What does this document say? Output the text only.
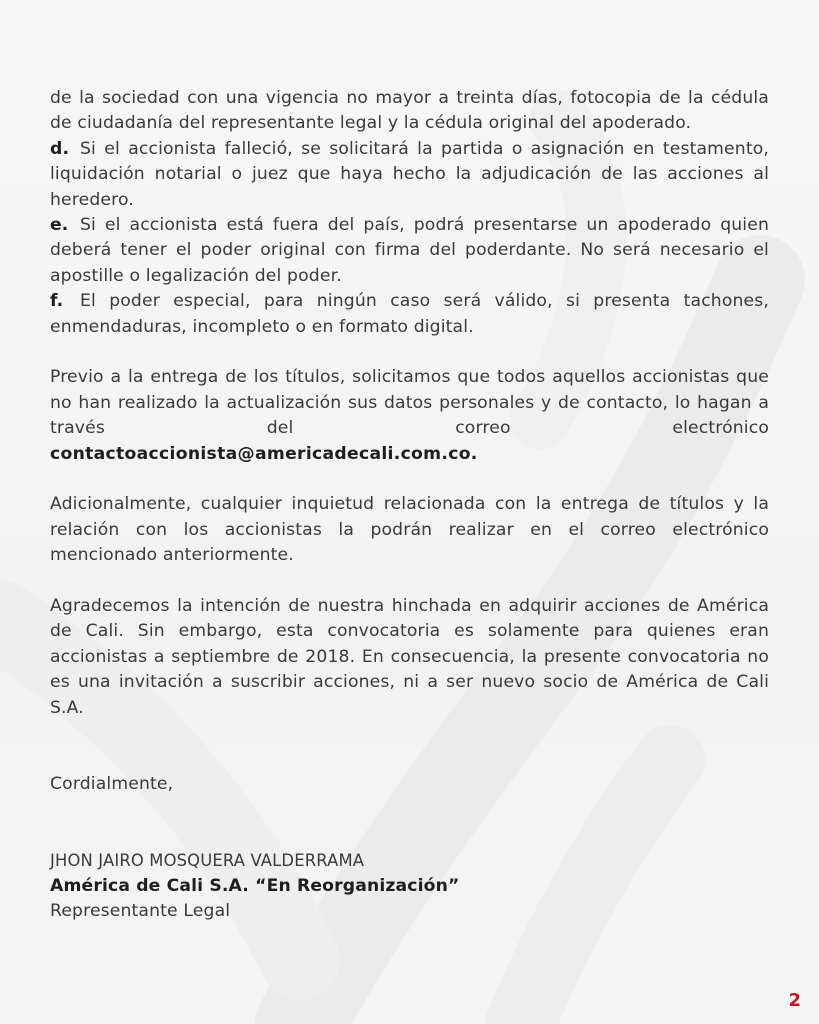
de la sociedad con una vigencia no mayor a treinta días, fotocopia de la cédula de ciudadanía del representante legal y la cédula original del apoderado.

d. Si el accionista falleció, se solicitará la partida o asignación en testamento, liquidación notarial o juez que haya hecho la adjudicación de las acciones al heredero.

e. Si el accionista está fuera del país, podrá presentarse un apoderado quien deberá tener el poder original con firma del poderdante. No será necesario el apostille o legalización del poder.

f. El poder especial, para ningún caso será válido, si presenta tachones, enmendaduras, incompleto o en formato digital.

Previo a la entrega de los títulos, solicitamos que todos aquellos accionistas que no han realizado la actualización sus datos personales y de contacto, lo hagan a través del correo electrónico

contactoaccionista@americadecali.com.co.

Adicionalmente, cualquier inquietud relacionada con la entrega de títulos y la relación con los accionistas la podrán realizar en el correo electrónico mencionado anteriormente.

Agradecemos la intención de nuestra hinchada en adquirir acciones de América de Cali. Sin embargo, esta convocatoria es solamente para quienes eran accionistas a septiembre de 2018. En consecuencia, la presente convocatoria no es una invitación a suscribir acciones, ni a ser nuevo socio de América de Cali S.A.

Cordialmente,

JHON JAIRO MOSQUERA VALDERRAMA

América de Cali S.A. “En Reorganización”

Representante Legal

2
